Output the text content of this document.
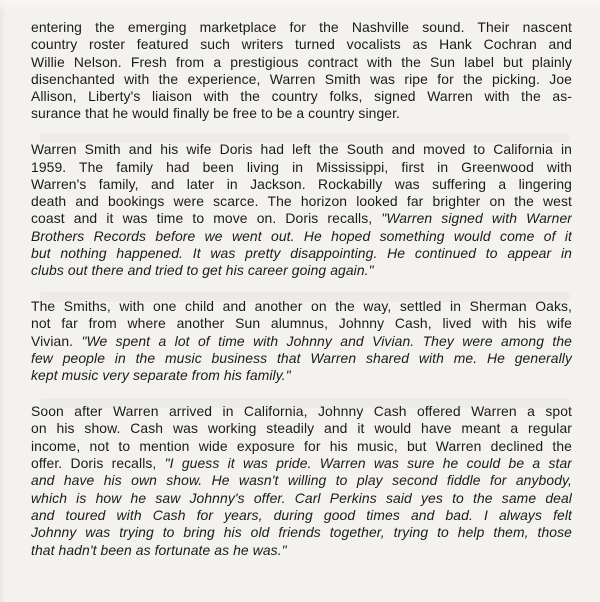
entering the emerging marketplace for the Nashville sound. Their nascent
country roster featured such writers turned vocalists as Hank Cochran and
Willie Nelson. Fresh from a prestigious contract with the Sun label but plainly
disenchanted with the experience, Warren Smith was ripe for the picking. Joe
Allison, Liberty's liaison with the country folks, signed Warren with the as-
surance that he would finally be free to be a country singer.

Warren Smith and his wife Doris had left the South and moved to California in
1959. The family had been living in Mississippi, first in Greenwood with
Warren's family, and later in Jackson. Rockabilly was suffering a lingering
death and bookings were scarce. The horizon looked far brighter on the west
coast and it was time to move on. Doris recalls, "Warren signed with Warner
Brothers Records before we went out. He hoped something would come of it
but nothing happened. It was pretty disappointing. He continued to appear in
clubs out there and tried to get his career going again."

The Smiths, with one child and another on the way, settled in Sherman Oaks,
not far from where another Sun alumnus, Johnny Cash, lived with his wife
Vivian. "We spent a lot of time with Johnny and Vivian. They were among the
few people in the music business that Warren shared with me. He generally
kept music very separate from his family."

Soon after Warren arrived in California, Johnny Cash offered Warren a spot
on his show. Cash was working steadily and it would have meant a regular
income, not to mention wide exposure for his music, but Warren declined the
offer. Doris recalls, "I guess it was pride. Warren was sure he could be a star
and have his own show. He wasn't willing to play second fiddle for anybody,
which is how he saw Johnny's offer. Carl Perkins said yes to the same deal
and toured with Cash for years, during good times and bad. I always felt
Johnny was trying to bring his old friends together, trying to help them, those
that hadn't been as fortunate as he was."
